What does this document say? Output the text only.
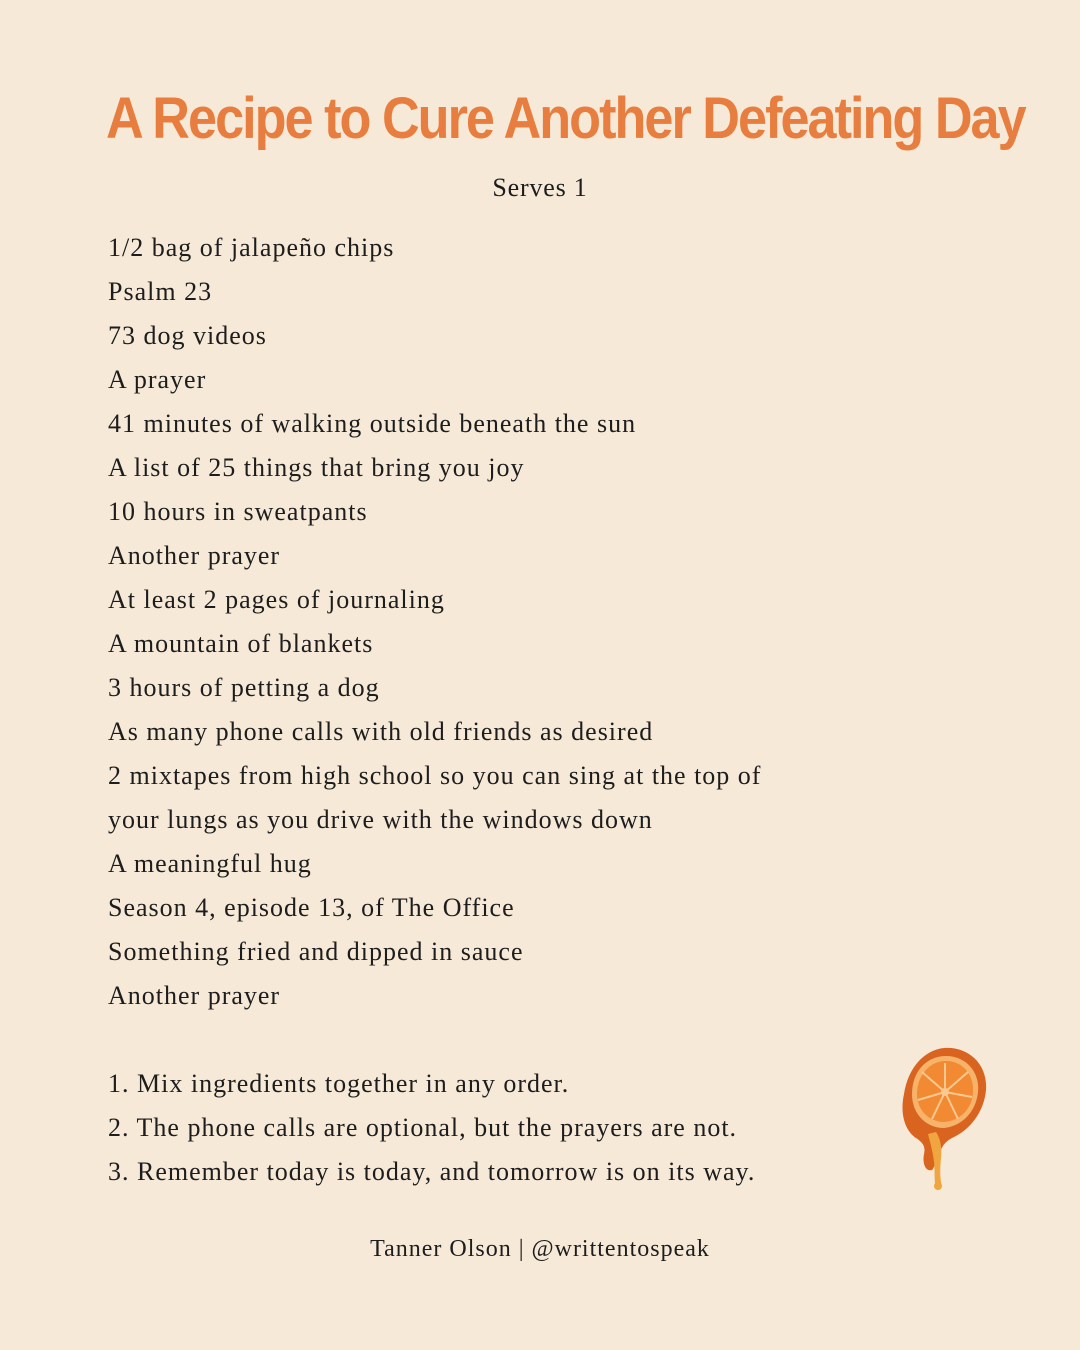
A Recipe to Cure Another Defeating Day
Serves 1
1/2 bag of jalapeño chips
Psalm 23
73 dog videos
A prayer
41 minutes of walking outside beneath the sun
A list of 25 things that bring you joy
10 hours in sweatpants
Another prayer
At least 2 pages of journaling
A mountain of blankets
3 hours of petting a dog
As many phone calls with old friends as desired
2 mixtapes from high school so you can sing at the top of
your lungs as you drive with the windows down
A meaningful hug
Season 4, episode 13, of The Office
Something fried and dipped in sauce
Another prayer
1. Mix ingredients together in any order.
2. The phone calls are optional, but the prayers are not.
3. Remember today is today, and tomorrow is on its way.
Tanner Olson | @writtentospeak
